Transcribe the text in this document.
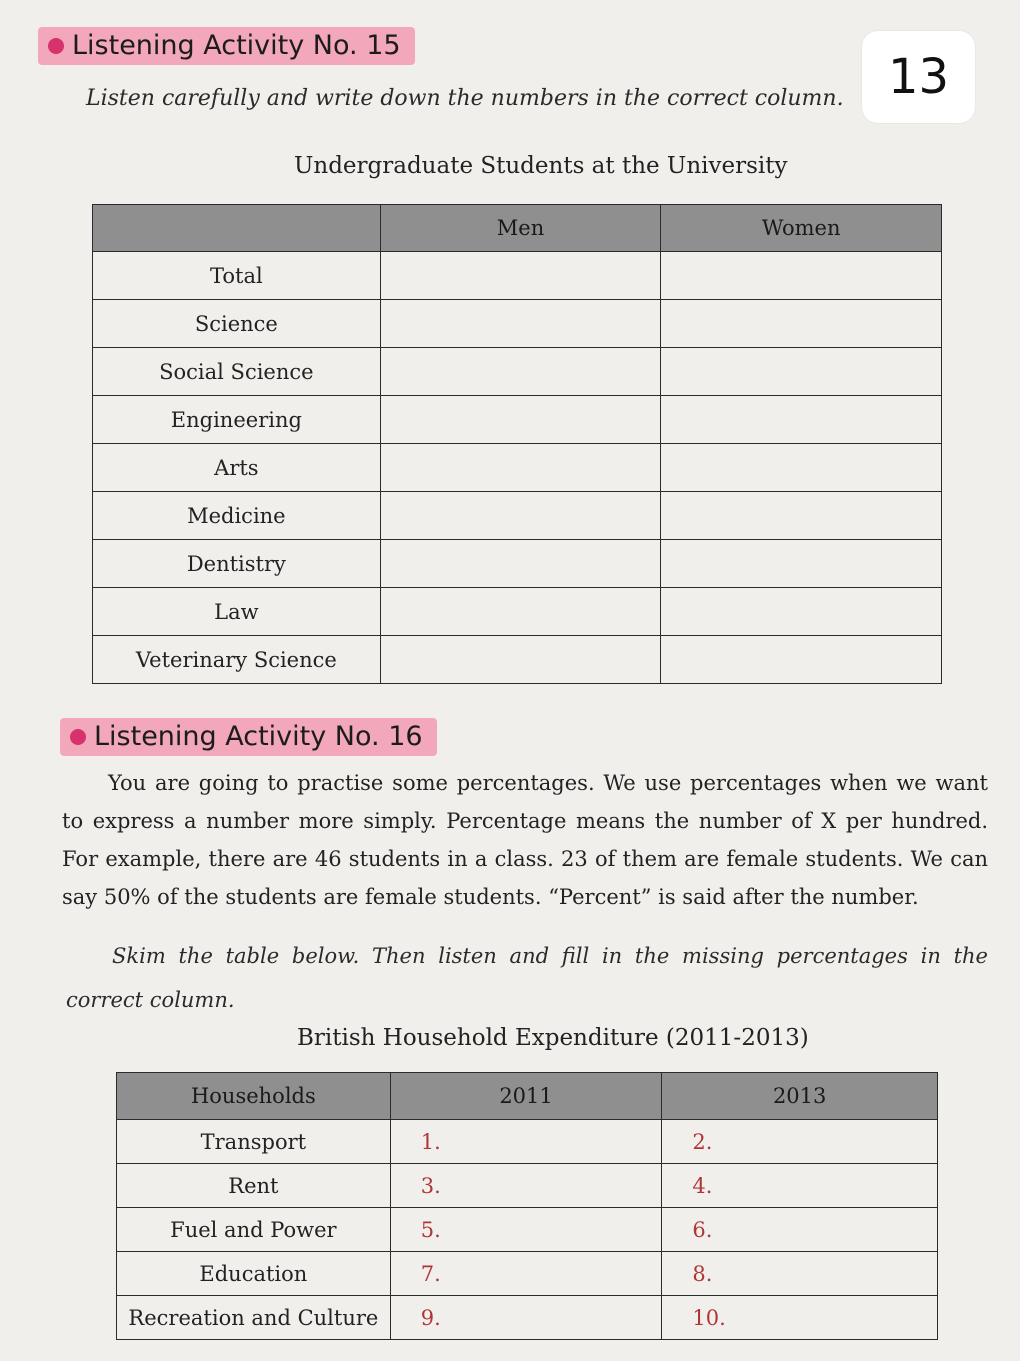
Listening Activity No. 15
13
Listen carefully and write down the numbers in the correct column.
Undergraduate Students at the University
	Men	Women
Total		
Science		
Social Science		
Engineering		
Arts		
Medicine		
Dentistry		
Law		
Veterinary Science		
Listening Activity No. 16
You are going to practise some percentages. We use percentages when we want to express a number more simply. Percentage means the number of X per hundred. For example, there are 46 students in a class. 23 of them are female students. We can say 50% of the students are female students. “Percent” is said after the number.
Skim the table below. Then listen and fill in the missing percentages in the correct column.
British Household Expenditure (2011-2013)
Households	2011	2013
Transport	1.	2.
Rent	3.	4.
Fuel and Power	5.	6.
Education	7.	8.
Recreation and Culture	9.	10.
